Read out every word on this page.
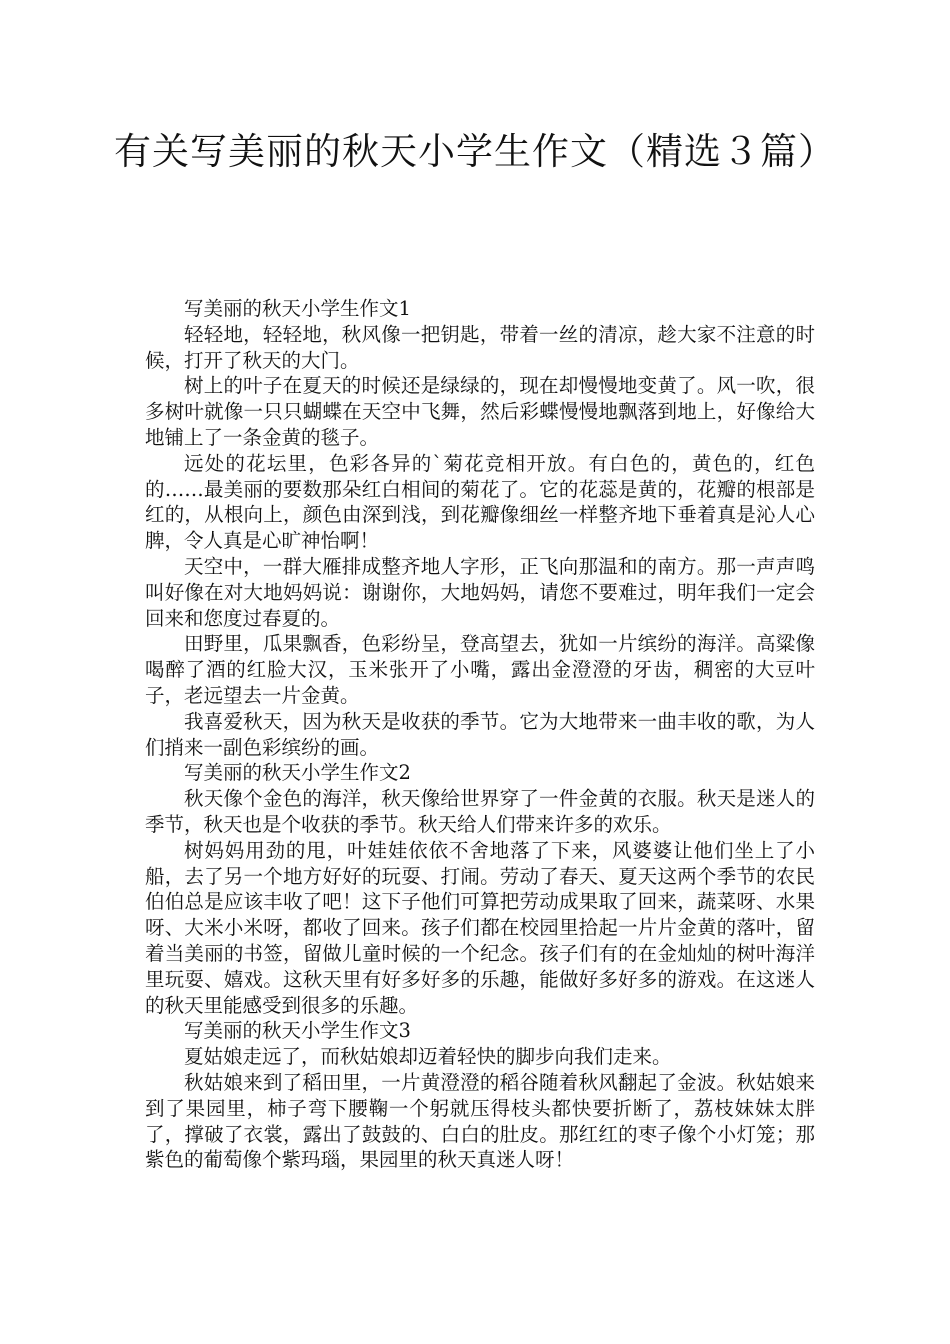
有关写美丽的秋天小学生作文（精选３篇）

写美丽的秋天小学生作文1

轻轻地，轻轻地，秋风像一把钥匙，带着一丝的清凉，趁大家不注意的时候，打开了秋天的大门。

树上的叶子在夏天的时候还是绿绿的，现在却慢慢地变黄了。风一吹，很多树叶就像一只只蝴蝶在天空中飞舞，然后彩蝶慢慢地飘落到地上，好像给大地铺上了一条金黄的毯子。

远处的花坛里，色彩各异的`菊花竞相开放。有白色的，黄色的，红色的……最美丽的要数那朵红白相间的菊花了。它的花蕊是黄的，花瓣的根部是红的，从根向上，颜色由深到浅，到花瓣像细丝一样整齐地下垂着真是沁人心脾，令人真是心旷神怡啊！

天空中，一群大雁排成整齐地人字形，正飞向那温和的南方。那一声声鸣叫好像在对大地妈妈说：谢谢你，大地妈妈，请您不要难过，明年我们一定会回来和您度过春夏的。

田野里，瓜果飘香，色彩纷呈，登高望去，犹如一片缤纷的海洋。高粱像喝醉了酒的红脸大汉，玉米张开了小嘴，露出金澄澄的牙齿，稠密的大豆叶子，老远望去一片金黄。

我喜爱秋天，因为秋天是收获的季节。它为大地带来一曲丰收的歌，为人们捎来一副色彩缤纷的画。

写美丽的秋天小学生作文2

秋天像个金色的海洋，秋天像给世界穿了一件金黄的衣服。秋天是迷人的季节，秋天也是个收获的季节。秋天给人们带来许多的欢乐。

树妈妈用劲的甩，叶娃娃依依不舍地落了下来，风婆婆让他们坐上了小船，去了另一个地方好好的玩耍、打闹。劳动了春天、夏天这两个季节的农民伯伯总是应该丰收了吧！这下子他们可算把劳动成果取了回来，蔬菜呀、水果呀、大米小米呀，都收了回来。孩子们都在校园里拾起一片片金黄的落叶，留着当美丽的书签，留做儿童时候的一个纪念。孩子们有的在金灿灿的树叶海洋里玩耍、嬉戏。这秋天里有好多好多的乐趣，能做好多好多的游戏。在这迷人的秋天里能感受到很多的乐趣。

写美丽的秋天小学生作文3

夏姑娘走远了，而秋姑娘却迈着轻快的脚步向我们走来。

秋姑娘来到了稻田里，一片黄澄澄的稻谷随着秋风翻起了金波。秋姑娘来到了果园里，柿子弯下腰鞠一个躬就压得枝头都快要折断了，荔枝妹妹太胖了，撑破了衣裳，露出了鼓鼓的、白白的肚皮。那红红的枣子像个小灯笼；那紫色的葡萄像个紫玛瑙，果园里的秋天真迷人呀！
